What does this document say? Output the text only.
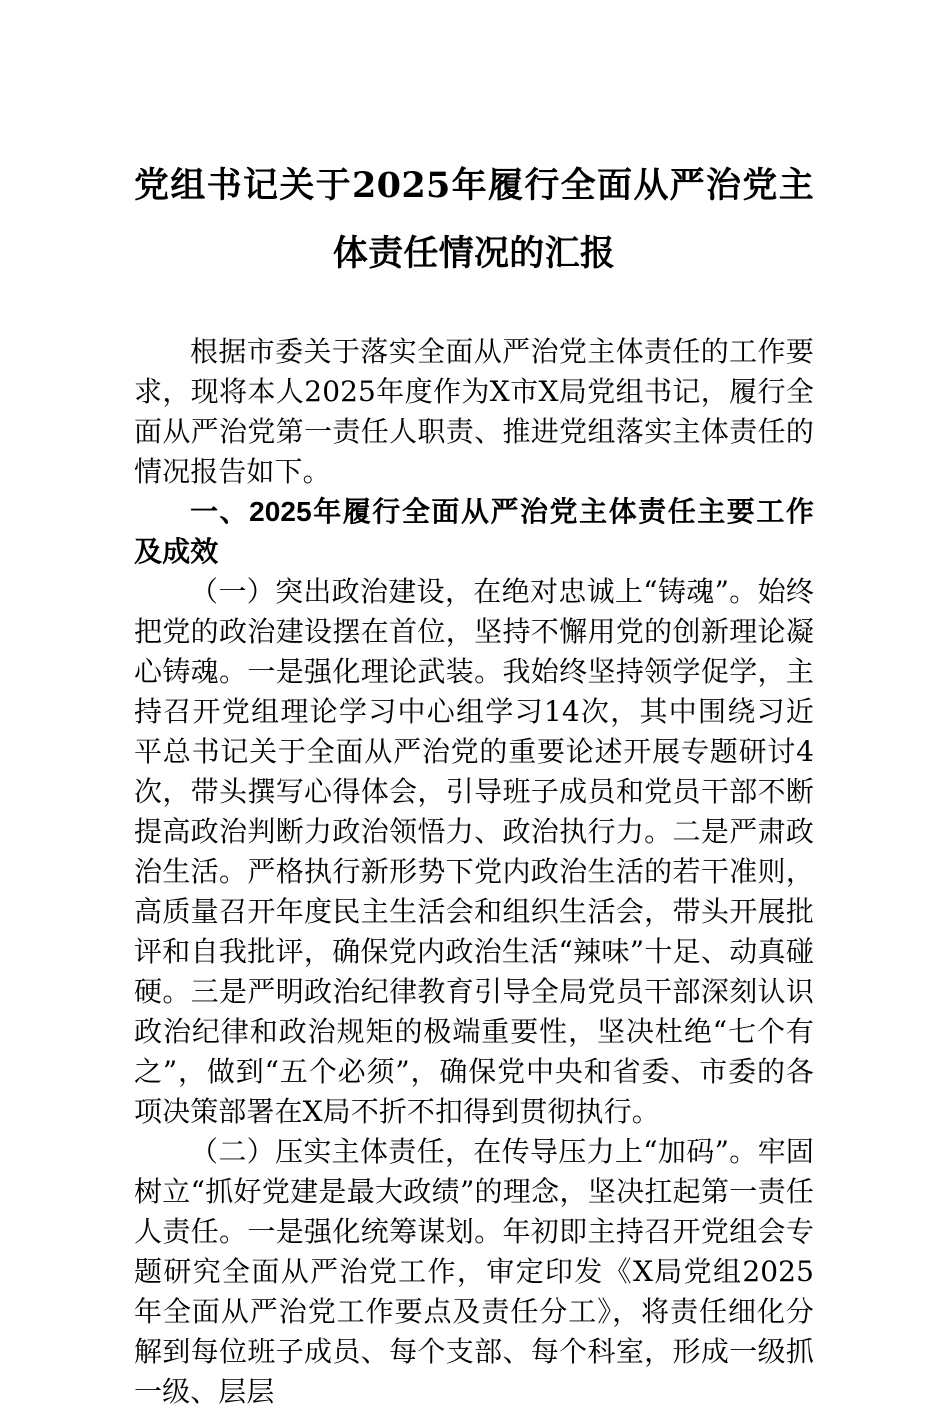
党组书记关于2025年履行全面从严治党主体责任情况的汇报

根据市委关于落实全面从严治党主体责任的工作要求，现将本人2025年度作为X市X局党组书记，履行全面从严治党第一责任人职责、推进党组落实主体责任的情况报告如下。

一、2025年履行全面从严治党主体责任主要工作及成效

（一）突出政治建设，在绝对忠诚上“铸魂”。始终把党的政治建设摆在首位，坚持不懈用党的创新理论凝心铸魂。一是强化理论武装。我始终坚持领学促学，主持召开党组理论学习中心组学习14次，其中围绕习近平总书记关于全面从严治党的重要论述开展专题研讨4次，带头撰写心得体会，引导班子成员和党员干部不断提高政治判断力政治领悟力、政治执行力。二是严肃政治生活。严格执行新形势下党内政治生活的若干准则，高质量召开年度民主生活会和组织生活会，带头开展批评和自我批评，确保党内政治生活“辣味”十足、动真碰硬。三是严明政治纪律教育引导全局党员干部深刻认识政治纪律和政治规矩的极端重要性，坚决杜绝“七个有之”，做到“五个必须”，确保党中央和省委、市委的各项决策部署在X局不折不扣得到贯彻执行。

（二）压实主体责任，在传导压力上“加码”。牢固树立“抓好党建是最大政绩”的理念，坚决扛起第一责任人责任。一是强化统筹谋划。年初即主持召开党组会专题研究全面从严治党工作，审定印发《X局党组2025年全面从严治党工作要点及责任分工》，将责任细化分解到每位班子成员、每个支部、每个科室，形成一级抓一级、层层
